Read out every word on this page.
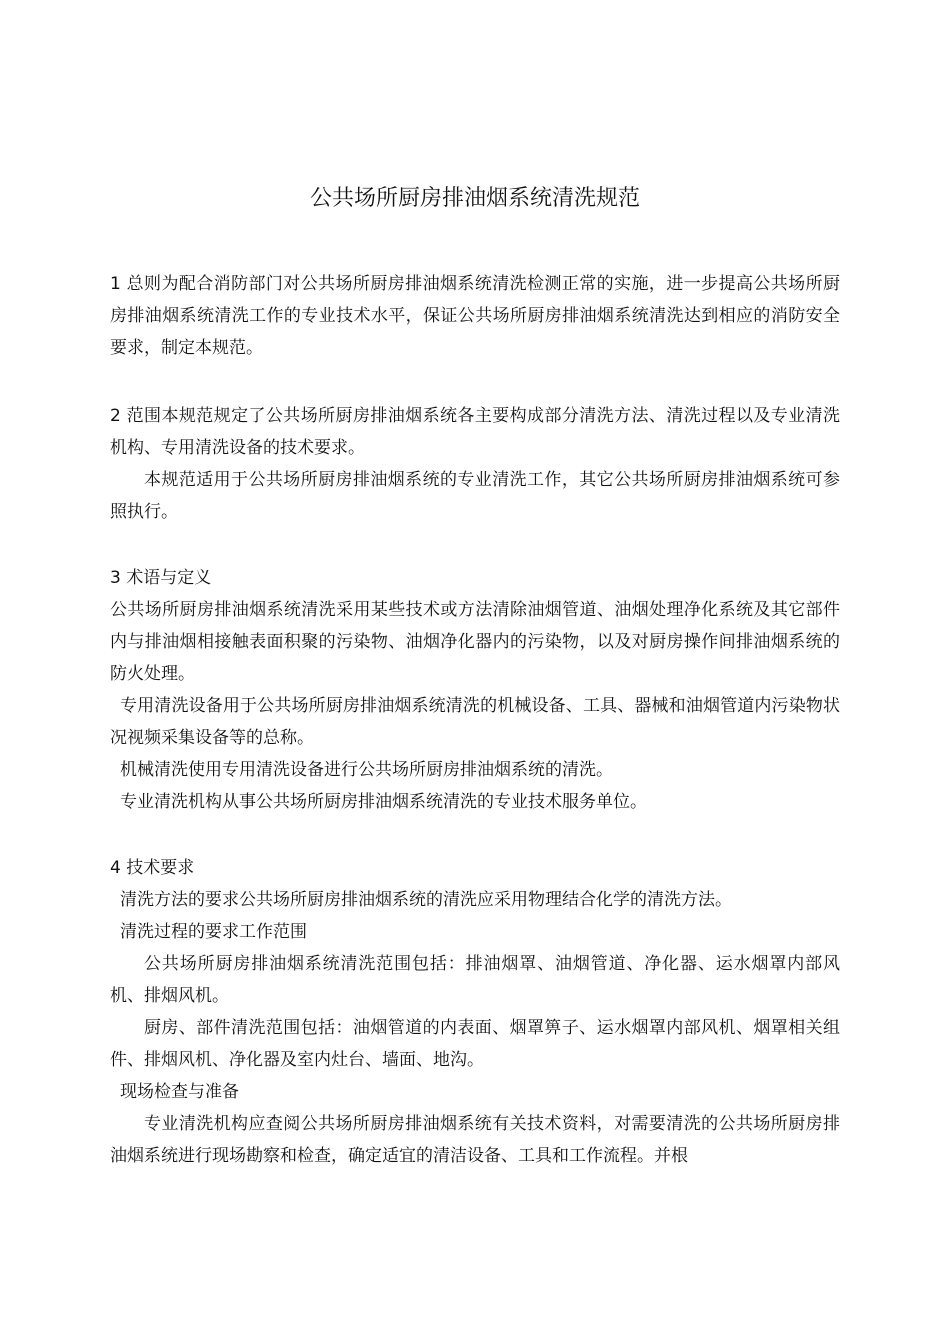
公共场所厨房排油烟系统清洗规范

1 总则为配合消防部门对公共场所厨房排油烟系统清洗检测正常的实施，进一步提高公共场所厨房排油烟系统清洗工作的专业技术水平，保证公共场所厨房排油烟系统清洗达到相应的消防安全要求，制定本规范。

2 范围本规范规定了公共场所厨房排油烟系统各主要构成部分清洗方法、清洗过程以及专业清洗机构、专用清洗设备的技术要求。

本规范适用于公共场所厨房排油烟系统的专业清洗工作，其它公共场所厨房排油烟系统可参照执行。

3 术语与定义

公共场所厨房排油烟系统清洗采用某些技术或方法清除油烟管道、油烟处理净化系统及其它部件内与排油烟相接触表面积聚的污染物、油烟净化器内的污染物，以及对厨房操作间排油烟系统的防火处理。

专用清洗设备用于公共场所厨房排油烟系统清洗的机械设备、工具、器械和油烟管道内污染物状况视频采集设备等的总称。

机械清洗使用专用清洗设备进行公共场所厨房排油烟系统的清洗。

专业清洗机构从事公共场所厨房排油烟系统清洗的专业技术服务单位。

4 技术要求

清洗方法的要求公共场所厨房排油烟系统的清洗应采用物理结合化学的清洗方法。

清洗过程的要求工作范围

公共场所厨房排油烟系统清洗范围包括：排油烟罩、油烟管道、净化器、运水烟罩内部风机、排烟风机。

厨房、部件清洗范围包括：油烟管道的内表面、烟罩箅子、运水烟罩内部风机、烟罩相关组件、排烟风机、净化器及室内灶台、墙面、地沟。

现场检查与准备

专业清洗机构应查阅公共场所厨房排油烟系统有关技术资料，对需要清洗的公共场所厨房排油烟系统进行现场勘察和检查，确定适宜的清洁设备、工具和工作流程。并根
